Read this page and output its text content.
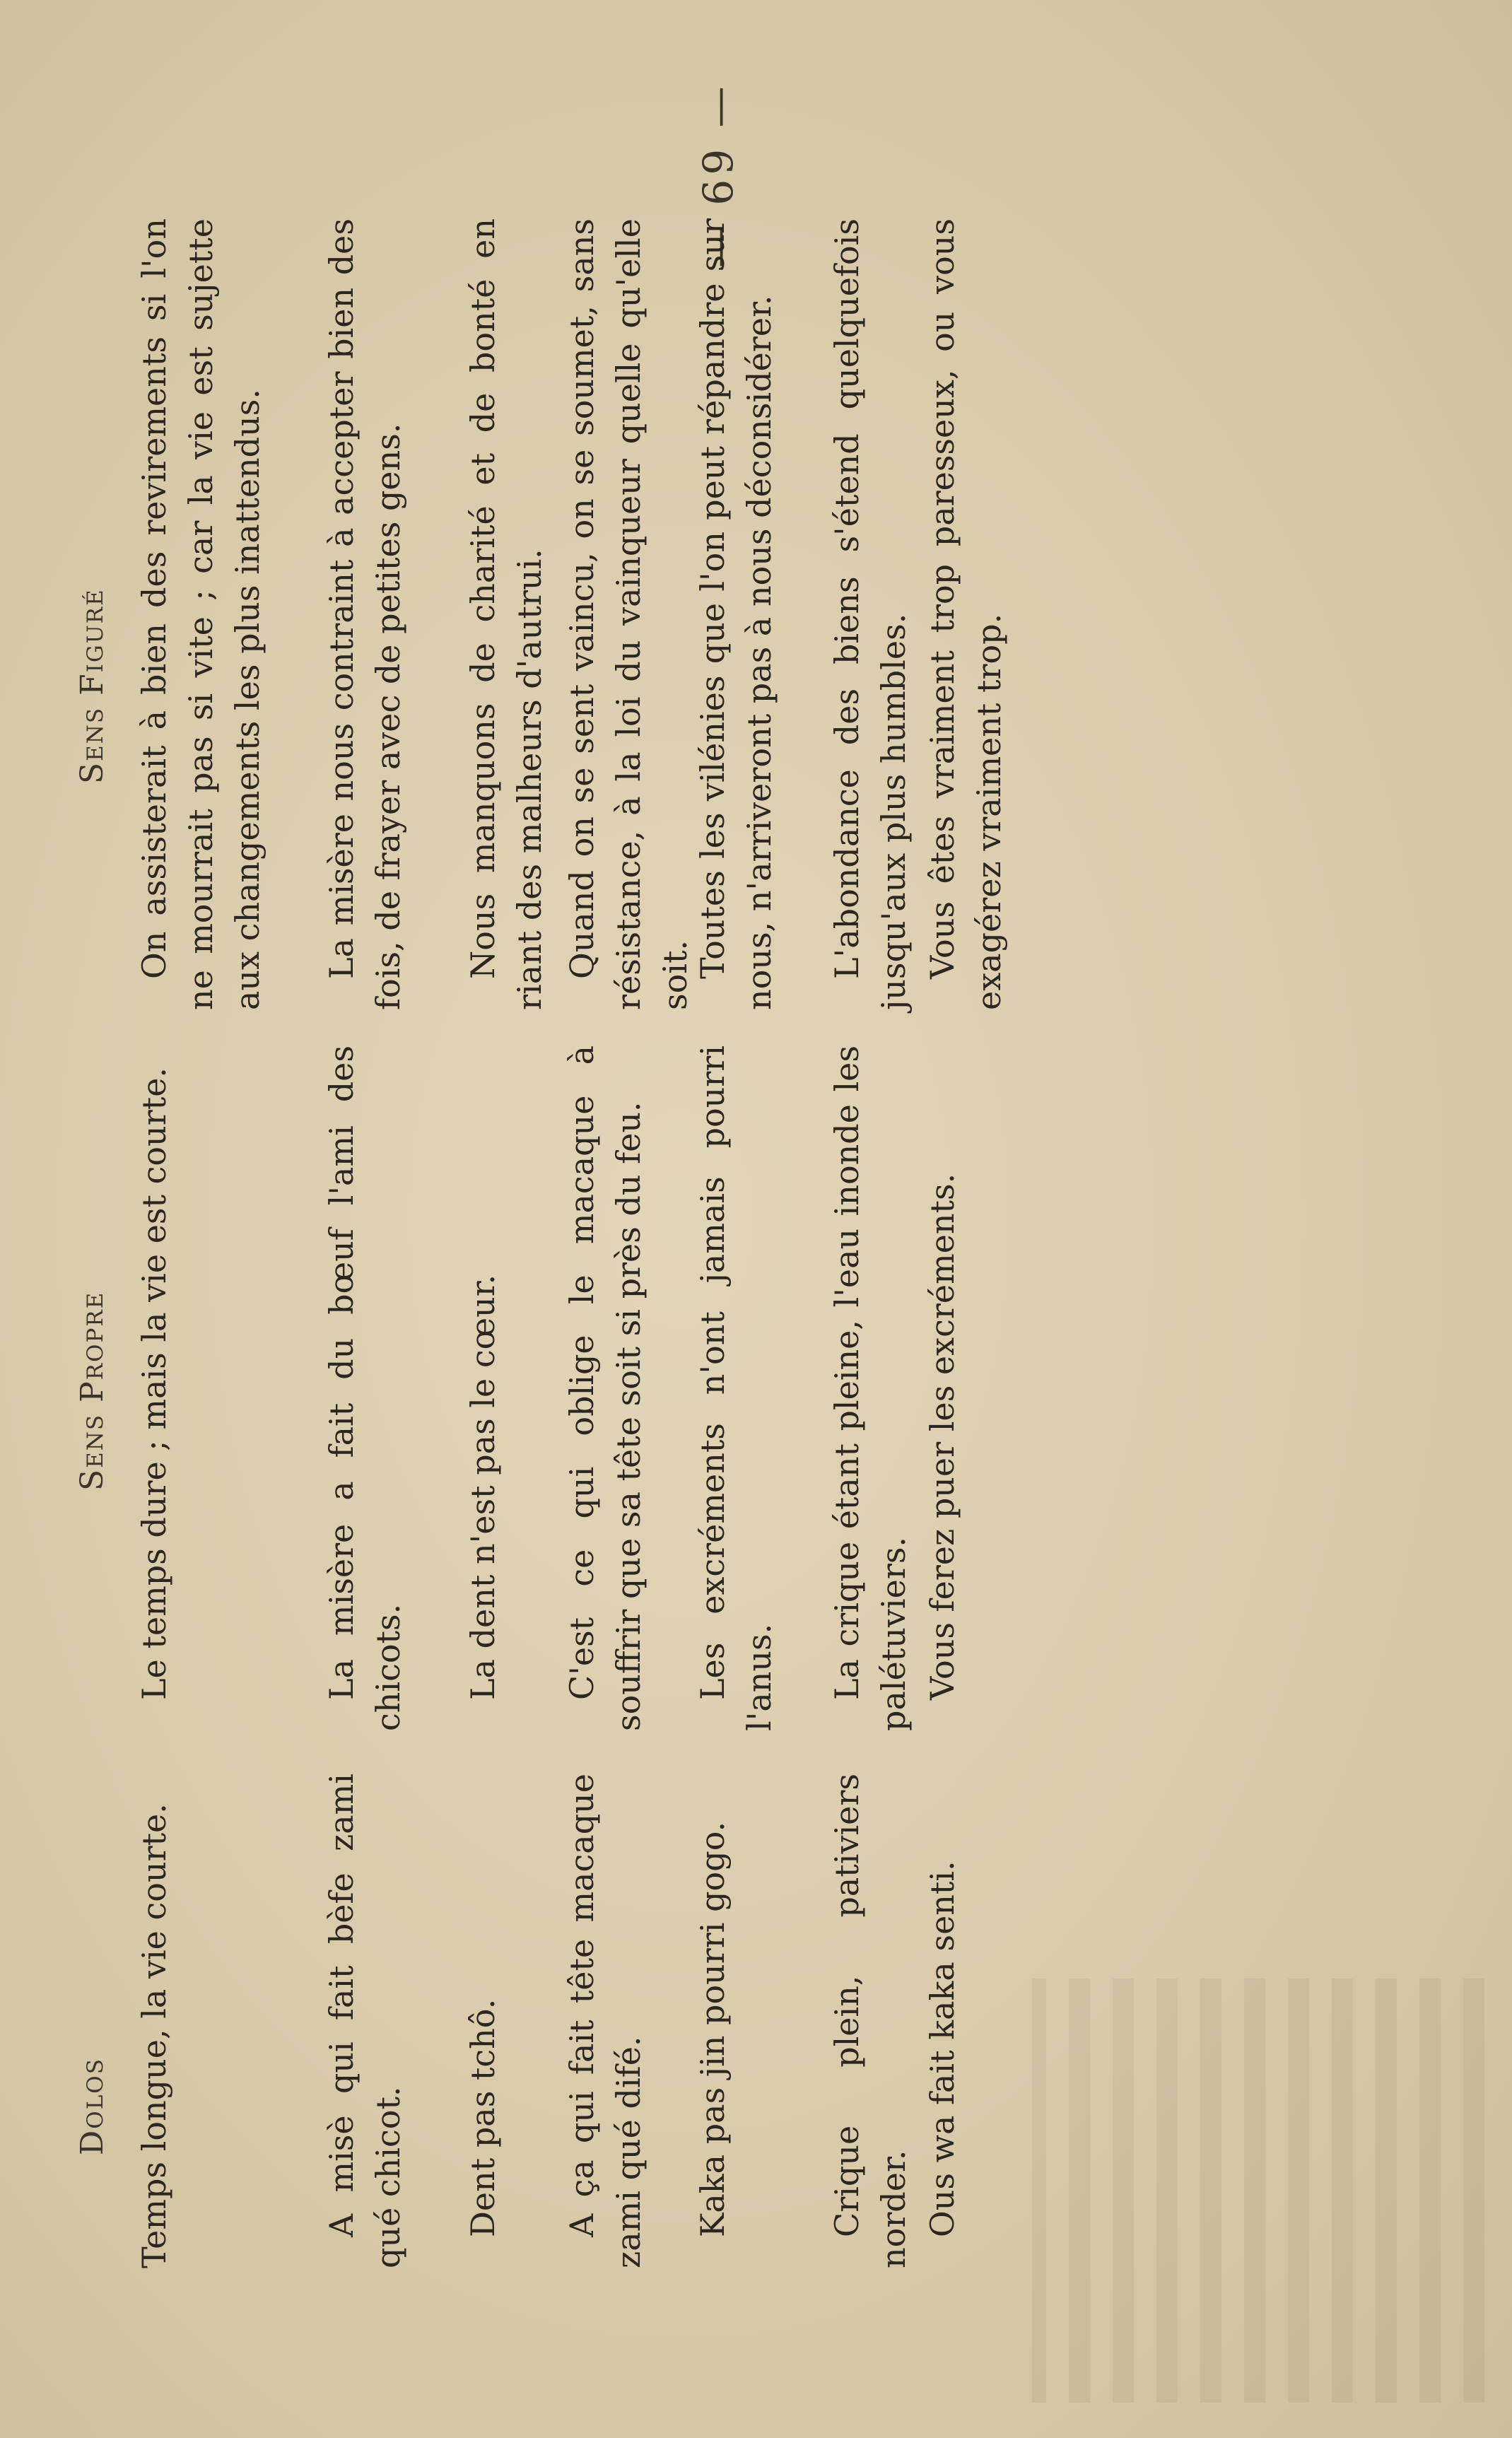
— 69 —
Dolos
Sens Propre
Sens Figuré
Temps longue, la vie courte.
Le temps dure ; mais la vie est courte.
On assisterait à bien des revirements si l'on ne mourrait pas si vite ; car la vie est sujette aux changements les plus inattendus.
A misè qui fait bèfe zami qué chicot.
La misère a fait du bœuf l'ami des chicots.
La misère nous contraint à accepter bien des fois, de frayer avec de petites gens.
Dent pas tchô.
La dent n'est pas le cœur.
Nous manquons de charité et de bonté en riant des malheurs d'autrui.
A ça qui fait tête macaque zami qué difé.
C'est ce qui oblige le macaque à souffrir que sa tête soit si près du feu.
Quand on se sent vaincu, on se soumet, sans résistance, à la loi du vainqueur quelle qu'elle soit.
Kaka pas jin pourri gogo.
Les excréments n'ont jamais pourri l'anus.
Toutes les vilénies que l'on peut répandre sur nous, n'arriveront pas à nous déconsidérer.
Crique plein, pativiers norder.
La crique étant pleine, l'eau inonde les palétuviers.
L'abondance des biens s'étend quelquefois jusqu'aux plus humbles.
Ous wa fait kaka senti.
Vous ferez puer les excréments.
Vous êtes vraiment trop paresseux, ou vous exagérez vraiment trop.
